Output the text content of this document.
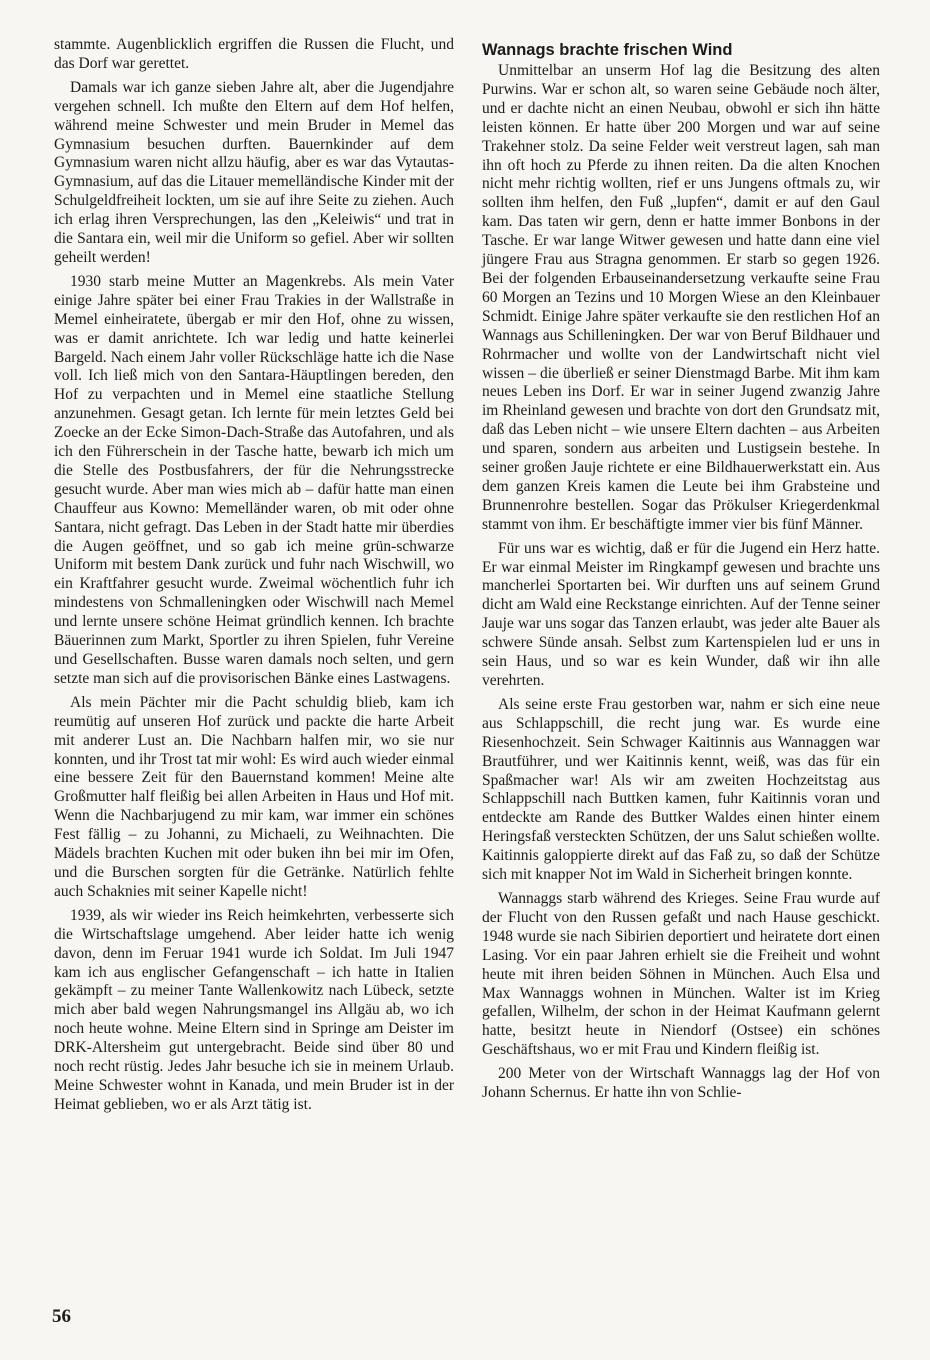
stammte. Augenblicklich ergriffen die Russen die Flucht, und das Dorf war gerettet.

Damals war ich ganze sieben Jahre alt, aber die Jugendjahre vergehen schnell. Ich mußte den Eltern auf dem Hof helfen, während meine Schwester und mein Bruder in Memel das Gymnasium besuchen durften. Bauernkinder auf dem Gymnasium waren nicht allzu häufig, aber es war das Vytautas-Gymnasium, auf das die Litauer memelländische Kinder mit der Schulgeldfreiheit lockten, um sie auf ihre Seite zu ziehen. Auch ich erlag ihren Versprechungen, las den „Keleiwis“ und trat in die Santara ein, weil mir die Uniform so gefiel. Aber wir sollten geheilt werden!

1930 starb meine Mutter an Magenkrebs. Als mein Vater einige Jahre später bei einer Frau Trakies in der Wallstraße in Memel einheiratete, übergab er mir den Hof, ohne zu wissen, was er damit anrichtete. Ich war ledig und hatte keinerlei Bargeld. Nach einem Jahr voller Rückschläge hatte ich die Nase voll. Ich ließ mich von den Santara-Häuptlingen bereden, den Hof zu verpachten und in Memel eine staatliche Stellung anzunehmen. Gesagt getan. Ich lernte für mein letztes Geld bei Zoecke an der Ecke Simon-Dach-Straße das Autofahren, und als ich den Führerschein in der Tasche hatte, bewarb ich mich um die Stelle des Postbusfahrers, der für die Nehrungsstrecke gesucht wurde. Aber man wies mich ab – dafür hatte man einen Chauffeur aus Kowno: Memelländer waren, ob mit oder ohne Santara, nicht gefragt. Das Leben in der Stadt hatte mir überdies die Augen geöffnet, und so gab ich meine grün-schwarze Uniform mit bestem Dank zurück und fuhr nach Wischwill, wo ein Kraftfahrer gesucht wurde. Zweimal wöchentlich fuhr ich mindestens von Schmalleningken oder Wischwill nach Memel und lernte unsere schöne Heimat gründlich kennen. Ich brachte Bäuerinnen zum Markt, Sportler zu ihren Spielen, fuhr Vereine und Gesellschaften. Busse waren damals noch selten, und gern setzte man sich auf die provisorischen Bänke eines Lastwagens.

Als mein Pächter mir die Pacht schuldig blieb, kam ich reumütig auf unseren Hof zurück und packte die harte Arbeit mit anderer Lust an. Die Nachbarn halfen mir, wo sie nur konnten, und ihr Trost tat mir wohl: Es wird auch wieder einmal eine bessere Zeit für den Bauernstand kommen! Meine alte Großmutter half fleißig bei allen Arbeiten in Haus und Hof mit. Wenn die Nachbarjugend zu mir kam, war immer ein schönes Fest fällig – zu Johanni, zu Michaeli, zu Weihnachten. Die Mädels brachten Kuchen mit oder buken ihn bei mir im Ofen, und die Burschen sorgten für die Getränke. Natürlich fehlte auch Schaknies mit seiner Kapelle nicht!

1939, als wir wieder ins Reich heimkehrten, verbesserte sich die Wirtschaftslage umgehend. Aber leider hatte ich wenig davon, denn im Feruar 1941 wurde ich Soldat. Im Juli 1947 kam ich aus englischer Gefangenschaft – ich hatte in Italien gekämpft – zu meiner Tante Wallenkowitz nach Lübeck, setzte mich aber bald wegen Nahrungsmangel ins Allgäu ab, wo ich noch heute wohne. Meine Eltern sind in Springe am Deister im DRK-Altersheim gut untergebracht. Beide sind über 80 und noch recht rüstig. Jedes Jahr besuche ich sie in meinem Urlaub. Meine Schwester wohnt in Kanada, und mein Bruder ist in der Heimat geblieben, wo er als Arzt tätig ist.

Wannags brachte frischen Wind

Unmittelbar an unserm Hof lag die Besitzung des alten Purwins. War er schon alt, so waren seine Gebäude noch älter, und er dachte nicht an einen Neubau, obwohl er sich ihn hätte leisten können. Er hatte über 200 Morgen und war auf seine Trakehner stolz. Da seine Felder weit verstreut lagen, sah man ihn oft hoch zu Pferde zu ihnen reiten. Da die alten Knochen nicht mehr richtig wollten, rief er uns Jungens oftmals zu, wir sollten ihm helfen, den Fuß „lupfen“, damit er auf den Gaul kam. Das taten wir gern, denn er hatte immer Bonbons in der Tasche. Er war lange Witwer gewesen und hatte dann eine viel jüngere Frau aus Stragna genommen. Er starb so gegen 1926. Bei der folgenden Erbauseinandersetzung verkaufte seine Frau 60 Morgen an Tezins und 10 Morgen Wiese an den Kleinbauer Schmidt. Einige Jahre später verkaufte sie den restlichen Hof an Wannags aus Schilleningken. Der war von Beruf Bildhauer und Rohrmacher und wollte von der Landwirtschaft nicht viel wissen – die überließ er seiner Dienstmagd Barbe. Mit ihm kam neues Leben ins Dorf. Er war in seiner Jugend zwanzig Jahre im Rheinland gewesen und brachte von dort den Grundsatz mit, daß das Leben nicht – wie unsere Eltern dachten – aus Arbeiten und sparen, sondern aus arbeiten und Lustigsein bestehe. In seiner großen Jauje richtete er eine Bildhauerwerkstatt ein. Aus dem ganzen Kreis kamen die Leute bei ihm Grabsteine und Brunnenrohre bestellen. Sogar das Prökulser Kriegerdenkmal stammt von ihm. Er beschäftigte immer vier bis fünf Männer.

Für uns war es wichtig, daß er für die Jugend ein Herz hatte. Er war einmal Meister im Ringkampf gewesen und brachte uns mancherlei Sportarten bei. Wir durften uns auf seinem Grund dicht am Wald eine Reckstange einrichten. Auf der Tenne seiner Jauje war uns sogar das Tanzen erlaubt, was jeder alte Bauer als schwere Sünde ansah. Selbst zum Kartenspielen lud er uns in sein Haus, und so war es kein Wunder, daß wir ihn alle verehrten.

Als seine erste Frau gestorben war, nahm er sich eine neue aus Schlappschill, die recht jung war. Es wurde eine Riesenhochzeit. Sein Schwager Kaitinnis aus Wannaggen war Brautführer, und wer Kaitinnis kennt, weiß, was das für ein Spaßmacher war! Als wir am zweiten Hochzeitstag aus Schlappschill nach Buttken kamen, fuhr Kaitinnis voran und entdeckte am Rande des Buttker Waldes einen hinter einem Heringsfaß versteckten Schützen, der uns Salut schießen wollte. Kaitinnis galoppierte direkt auf das Faß zu, so daß der Schütze sich mit knapper Not im Wald in Sicherheit bringen konnte.

Wannaggs starb während des Krieges. Seine Frau wurde auf der Flucht von den Russen gefaßt und nach Hause geschickt. 1948 wurde sie nach Sibirien deportiert und heiratete dort einen Lasing. Vor ein paar Jahren erhielt sie die Freiheit und wohnt heute mit ihren beiden Söhnen in München. Auch Elsa und Max Wannaggs wohnen in München. Walter ist im Krieg gefallen, Wilhelm, der schon in der Heimat Kaufmann gelernt hatte, besitzt heute in Niendorf (Ostsee) ein schönes Geschäftshaus, wo er mit Frau und Kindern fleißig ist.

200 Meter von der Wirtschaft Wannaggs lag der Hof von Johann Schernus. Er hatte ihn von Schlie-

56
